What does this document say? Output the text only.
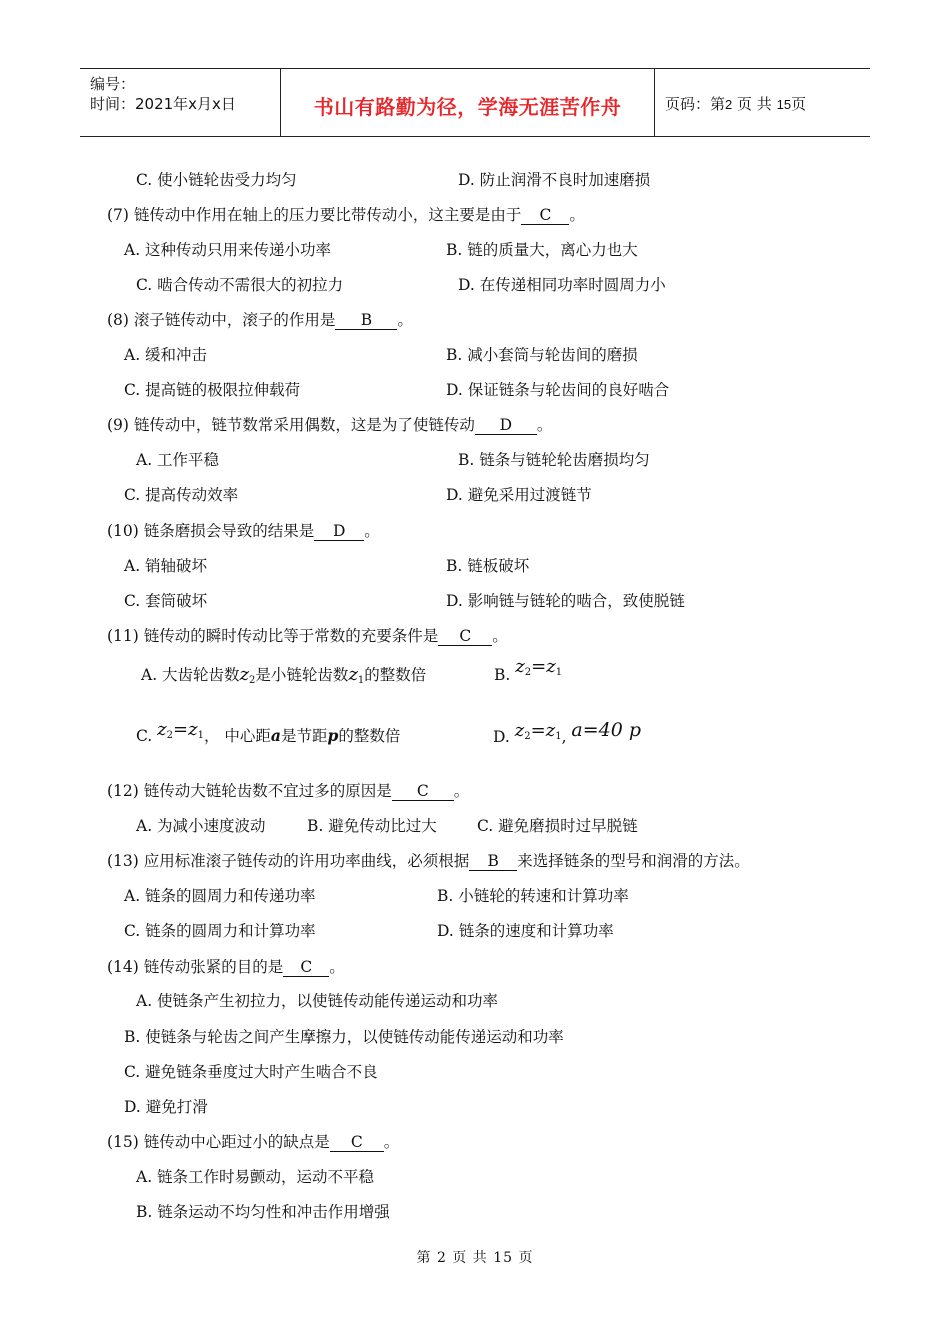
编号：
时间：2021年x月x日	书山有路勤为径，学海无涯苦作舟	页码：第2 页 共 15页
C. 使小链轮齿受力均匀	D. 防止润滑不良时加速磨损
(7) 链传动中作用在轴上的压力要比带传动小，这主要是由于 C 。
A. 这种传动只用来传递小功率	B. 链的质量大，离心力也大
C. 啮合传动不需很大的初拉力	D. 在传递相同功率时圆周力小
(8) 滚子链传动中，滚子的作用是 B 。
A. 缓和冲击	B. 减小套筒与轮齿间的磨损
C. 提高链的极限拉伸载荷	D. 保证链条与轮齿间的良好啮合
(9) 链传动中，链节数常采用偶数，这是为了使链传动 D 。
A. 工作平稳	B. 链条与链轮轮齿磨损均匀
C. 提高传动效率	D. 避免采用过渡链节
(10) 链条磨损会导致的结果是 D 。
A. 销轴破坏	B. 链板破坏
C. 套筒破坏	D. 影响链与链轮的啮合，致使脱链
(11) 链传动的瞬时传动比等于常数的充要条件是 C 。
A. 大齿轮齿数$z_2$是小链轮齿数$z_1$的整数倍	B. $z_2=z_1$
C. $z_2=z_1$， 中心距a是节距p的整数倍	D. $z_2=z_1$, a=40 p
(12) 链传动大链轮齿数不宜过多的原因是 C 。
A. 为减小速度波动	B. 避免传动比过大	C. 避免磨损时过早脱链
(13) 应用标准滚子链传动的许用功率曲线，必须根据 B 来选择链条的型号和润滑的方法。
A. 链条的圆周力和传递功率	B. 小链轮的转速和计算功率
C. 链条的圆周力和计算功率	D. 链条的速度和计算功率
(14) 链传动张紧的目的是 C 。
A. 使链条产生初拉力，以使链传动能传递运动和功率
B. 使链条与轮齿之间产生摩擦力，以使链传动能传递运动和功率
C. 避免链条垂度过大时产生啮合不良
D. 避免打滑
(15) 链传动中心距过小的缺点是 C 。
A. 链条工作时易颤动，运动不平稳
B. 链条运动不均匀性和冲击作用增强
第 2 页 共 15 页
